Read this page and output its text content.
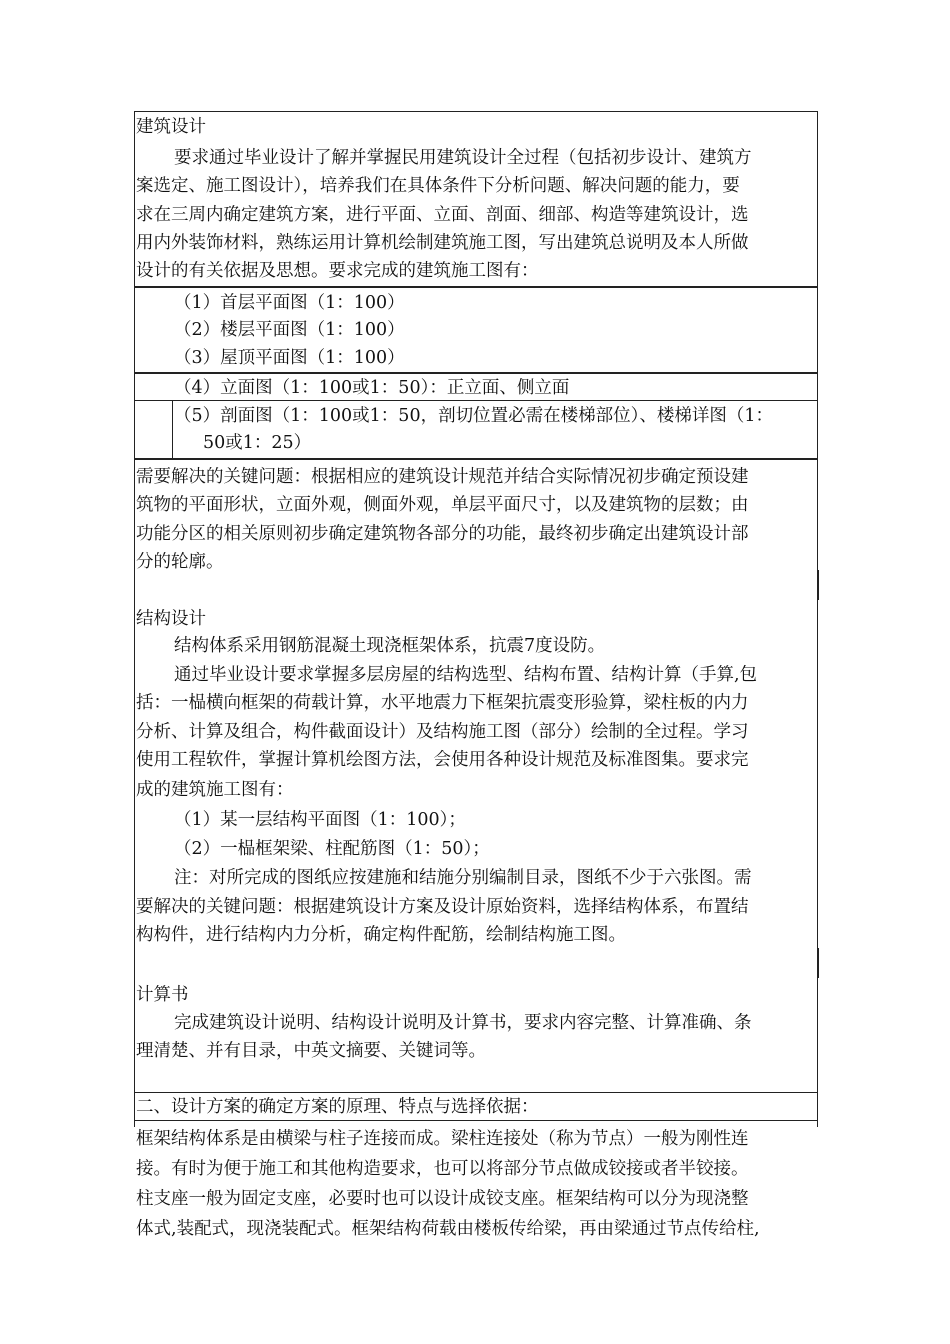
建筑设计
要求通过毕业设计了解并掌握民用建筑设计全过程（包括初步设计、建筑方
案选定、施工图设计），培养我们在具体条件下分析问题、解决问题的能力，要
求在三周内确定建筑方案，进行平面、立面、剖面、细部、构造等建筑设计，选
用内外装饰材料，熟练运用计算机绘制建筑施工图，写出建筑总说明及本人所做
设计的有关依据及思想。要求完成的建筑施工图有：
（1）首层平面图（1：100）
（2）楼层平面图（1：100）
（3）屋顶平面图（1：100）
（4）立面图（1：100或1：50）：正立面、侧立面
（5）剖面图（1：100或1：50，剖切位置必需在楼梯部位）、楼梯详图（1：
50或1：25）
需要解决的关键问题：根据相应的建筑设计规范并结合实际情况初步确定预设建
筑物的平面形状，立面外观，侧面外观，单层平面尺寸，以及建筑物的层数；由
功能分区的相关原则初步确定建筑物各部分的功能，最终初步确定出建筑设计部
分的轮廓。
结构设计
结构体系采用钢筋混凝土现浇框架体系，抗震7度设防。
通过毕业设计要求掌握多层房屋的结构选型、结构布置、结构计算（手算,包
括：一榀横向框架的荷载计算，水平地震力下框架抗震变形验算，梁柱板的内力
分析、计算及组合，构件截面设计）及结构施工图（部分）绘制的全过程。学习
使用工程软件，掌握计算机绘图方法，会使用各种设计规范及标准图集。要求完
成的建筑施工图有：
（1）某一层结构平面图（1：100）；
（2）一榀框架梁、柱配筋图（1：50）；
注：对所完成的图纸应按建施和结施分别编制目录，图纸不少于六张图。需
要解决的关键问题：根据建筑设计方案及设计原始资料，选择结构体系，布置结
构构件，进行结构内力分析，确定构件配筋，绘制结构施工图。
计算书
完成建筑设计说明、结构设计说明及计算书，要求内容完整、计算准确、条
理清楚、并有目录，中英文摘要、关键词等。
二、设计方案的确定方案的原理、特点与选择依据：
框架结构体系是由横梁与柱子连接而成。梁柱连接处（称为节点）一般为刚性连
接。有时为便于施工和其他构造要求，也可以将部分节点做成铰接或者半铰接。
柱支座一般为固定支座，必要时也可以设计成铰支座。框架结构可以分为现浇整
体式,装配式，现浇装配式。框架结构荷载由楼板传给梁，再由梁通过节点传给柱,
